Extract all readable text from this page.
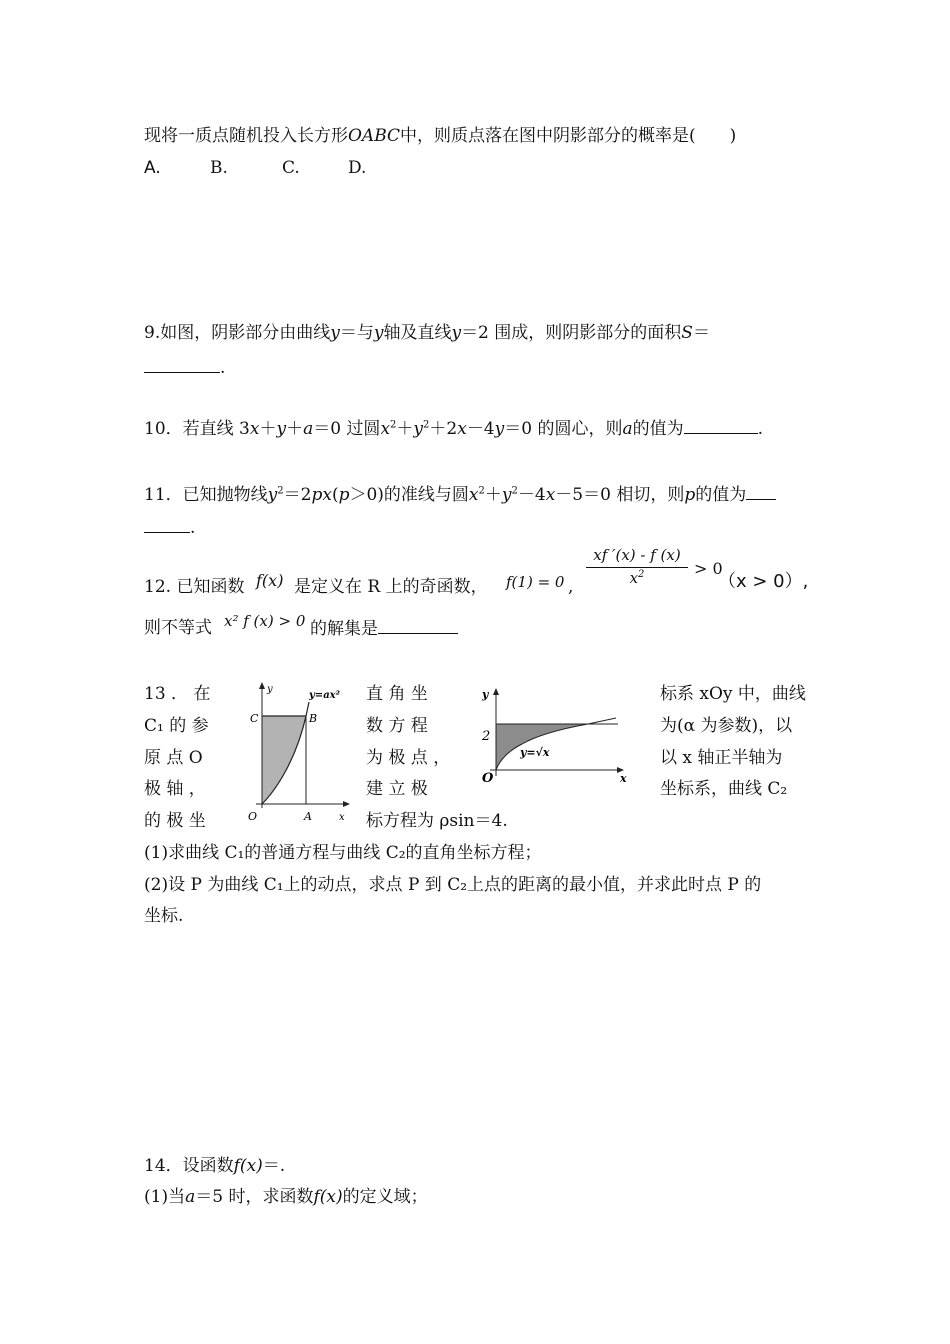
现将一质点随机投入长方形OABC中，则质点落在图中阴影部分的概率是(　　)
A.	B.	C.	D.
9.如图，阴影部分由曲线y＝与y轴及直线y＝2 围成，则阴影部分的面积S＝
.
10．若直线 3x＋y＋a＝0 过圆$x^2+y^2+2x-4y=0$ 的圆心，则a的值为	.
11．已知抛物线$y^2=2px(p>0)$的准线与圆$x^2+y^2-4x-5=0$ 相切，则p的值为
.
12. 已知函数 f(x) 是定义在 R 上的奇函数， f(1) = 0 ,
xf ′(x) - f (x)
$x^2$	> 0
（x > 0）,
则不等式 x² f (x) > 0 的解集是
13 ． 在
C₁ 的 参
原 点 O
极 轴 ，
的 极 坐
直 角 坐
数 方 程
为 极 点 ，
建 立 极
标方程为 ρsin＝4.
标系 xOy 中，曲线
为(α 为参数)，以
以 x 轴正半轴为
坐标系，曲线 C₂
(1)求曲线 C₁的普通方程与曲线 C₂的直角坐标方程；
(2)设 P 为曲线 C₁上的动点，求点 P 到 C₂上点的距离的最小值，并求此时点 P 的
坐标.
y
y=ax²
C	B
O	A	x
y
2
O	x
y=√x
14．设函数f(x)＝.
(1)当a＝5 时，求函数f(x)的定义域；
